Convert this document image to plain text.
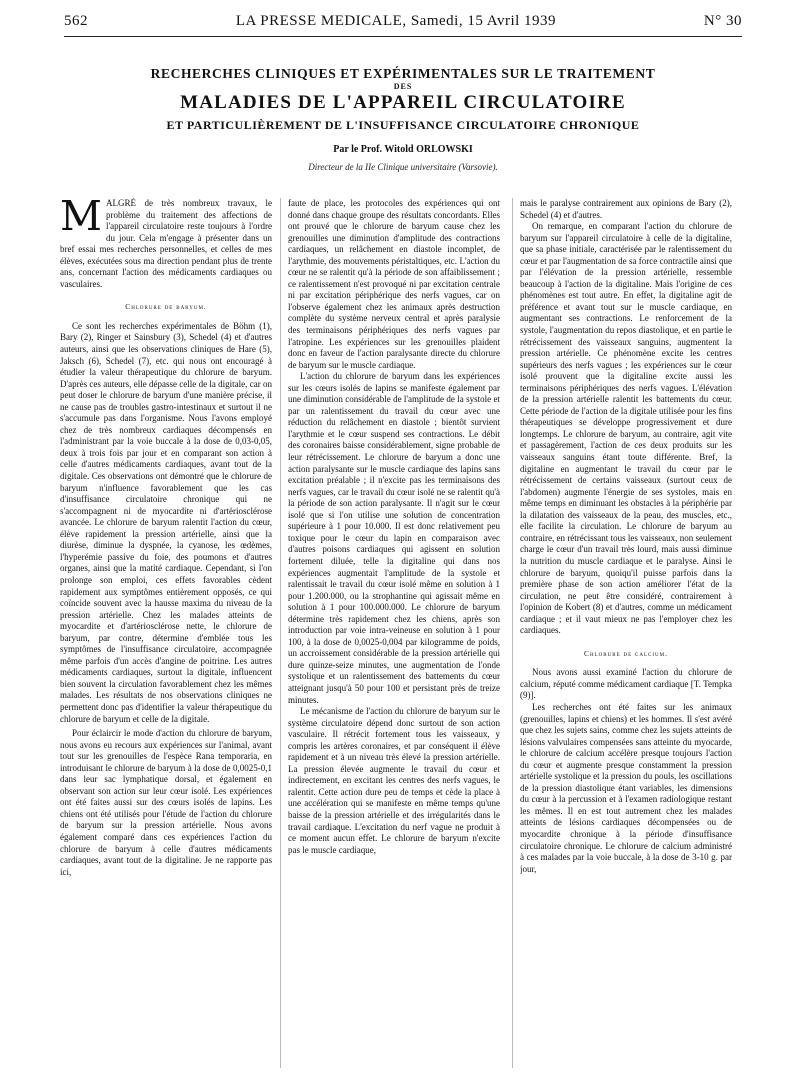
562	LA PRESSE MEDICALE, Samedi, 15 Avril 1939	N° 30
RECHERCHES CLINIQUES ET EXPÉRIMENTALES SUR LE TRAITEMENT
DES
MALADIES DE L'APPAREIL CIRCULATOIRE
ET PARTICULIÈREMENT DE L'INSUFFISANCE CIRCULATOIRE CHRONIQUE
Par le Prof. Witold ORLOWSKI
Directeur de la IIe Clinique universitaire (Varsovie).

MALGRÉ de très nombreux travaux, le problème du traitement des affections de l'appareil circulatoire reste toujours à l'ordre du jour. Cela m'engage à présenter dans un bref essai mes recherches personnelles, et celles de mes élèves, exécutées sous ma direction pendant plus de trente ans, concernant l'action des médicaments cardiaques ou vasculaires.

Chlorure de baryum.

Ce sont les recherches expérimentales de Böhm (1), Bary (2), Ringer et Sainsbury (3), Schedel (4) et d'autres auteurs, ainsi que les observations cliniques de Hare (5), Jaksch (6), Schedel (7), etc. qui nous ont encouragé à étudier la valeur thérapeutique du chlorure de baryum. D'après ces auteurs, elle dépasse celle de la digitale, car on peut doser le chlorure de baryum d'une manière précise, il ne cause pas de troubles gastro-intestinaux et surtout il ne s'accumule pas dans l'organisme. Nous l'avons employé chez de très nombreux cardiaques décompensés en l'administrant par la voie buccale à la dose de 0,03-0,05, deux à trois fois par jour et en comparant son action à celle d'autres médicaments cardiaques, avant tout de la digitale. Ces observations ont démontré que le chlorure de baryum n'influence favorablement que les cas d'insuffisance circulatoire chronique qui ne s'accompagnent ni de myocardite ni d'artériosclérose avancée. Le chlorure de baryum ralentit l'action du cœur, élève rapidement la pression artérielle, ainsi que la diurèse, diminue la dyspnée, la cyanose, les œdèmes, l'hyperémie passive du foie, des poumons et d'autres organes, ainsi que la matité cardiaque. Cependant, si l'on prolonge son emploi, ces effets favorables cèdent rapidement aux symptômes entièrement opposés, ce qui coïncide souvent avec la hausse maxima du niveau de la pression artérielle. Chez les malades atteints de myocardite et d'artériosclérose nette, le chlorure de baryum, par contre, détermine d'emblée tous les symptômes de l'insuffisance circulatoire, accompagnée même parfois d'un accès d'angine de poitrine. Les autres médicaments cardiaques, surtout la digitale, influencent bien souvent la circulation favorablement chez les mêmes malades. Les résultats de nos observations cliniques ne permettent donc pas d'identifier la valeur thérapeutique du chlorure de baryum et celle de la digitale.

Pour éclaircir le mode d'action du chlorure de baryum, nous avons eu recours aux expériences sur l'animal, avant tout sur les grenouilles de l'espèce Rana temporaria, en introduisant le chlorure de baryum à la dose de 0,0025-0,1 dans leur sac lymphatique dorsal, et également en observant son action sur leur cœur isolé. Les expériences ont été faites aussi sur des cœurs isolés de lapins. Les chiens ont été utilisés pour l'étude de l'action du chlorure de baryum sur la pression artérielle. Nous avons également comparé dans ces expériences l'action du chlorure de baryum à celle d'autres médicaments cardiaques, avant tout de la digitaline. Je ne rapporte pas ici,

faute de place, les protocoles des expériences qui ont donné dans chaque groupe des résultats concordants. Elles ont prouvé que le chlorure de baryum cause chez les grenouilles une diminution d'amplitude des contractions cardiaques, un relâchement en diastole incomplet, de l'arythmie, des mouvements péristaltiques, etc. L'action du cœur ne se ralentit qu'à la période de son affaiblissement ; ce ralentissement n'est provoqué ni par excitation centrale ni par excitation périphérique des nerfs vagues, car on l'observe également chez les animaux après destruction complète du système nerveux central et après paralysie des terminaisons périphériques des nerfs vagues par l'atropine. Les expériences sur les grenouilles plaident donc en faveur de l'action paralysante directe du chlorure de baryum sur le muscle cardiaque.

L'action du chlorure de baryum dans les expériences sur les cœurs isolés de lapins se manifeste également par une diminution considérable de l'amplitude de la systole et par un ralentissement du travail du cœur avec une réduction du relâchement en diastole ; bientôt survient l'arythmie et le cœur suspend ses contractions. Le débit des coronaires baisse considérablement, signe probable de leur rétrécissement. Le chlorure de baryum a donc une action paralysante sur le muscle cardiaque des lapins sans excitation préalable ; il n'excite pas les terminaisons des nerfs vagues, car le travail du cœur isolé ne se ralentit qu'à la période de son action paralysante. Il n'agit sur le cœur isolé que si l'on utilise une solution de concentration supérieure à 1 pour 10.000. Il est donc relativement peu toxique pour le cœur du lapin en comparaison avec d'autres poisons cardiaques qui agissent en solution fortement diluée, telle la digitaline qui dans nos expériences augmentait l'amplitude de la systole et ralentissait le travail du cœur isolé même en solution à 1 pour 1.200.000, ou la strophantine qui agissait même en solution à 1 pour 100.000.000. Le chlorure de baryum détermine très rapidement chez les chiens, après son introduction par voie intra-veineuse en solution à 1 pour 100, à la dose de 0,0025-0,004 par kilogramme de poids, un accroissement considérable de la pression artérielle qui dure quinze-seize minutes, une augmentation de l'onde systolique et un ralentissement des battements du cœur atteignant jusqu'à 50 pour 100 et persistant près de treize minutes.

Le mécanisme de l'action du chlorure de baryum sur le système circulatoire dépend donc surtout de son action vasculaire. Il rétrécit fortement tous les vaisseaux, y compris les artères coronaires, et par conséquent il élève rapidement et à un niveau très élevé la pression artérielle. La pression élevée augmente le travail du cœur et indirectement, en excitant les centres des nerfs vagues, le ralentit. Cette action dure peu de temps et cède la place à une accélération qui se manifeste en même temps qu'une baisse de la pression artérielle et des irrégularités dans le travail cardiaque. L'excitation du nerf vague ne produit à ce moment aucun effet. Le chlorure de baryum n'excite pas le muscle cardiaque,

mais le paralyse contrairement aux opinions de Bary (2), Schedel (4) et d'autres.

On remarque, en comparant l'action du chlorure de baryum sur l'appareil circulatoire à celle de la digitaline, que sa phase initiale, caractérisée par le ralentissement du cœur et par l'augmentation de sa force contractile ainsi que par l'élévation de la pression artérielle, ressemble beaucoup à l'action de la digitaline. Mais l'origine de ces phénomènes est tout autre. En effet, la digitaline agit de préférence et avant tout sur le muscle cardiaque, en augmentant ses contractions. Le renforcement de la systole, l'augmentation du repos diastolique, et en partie le rétrécissement des vaisseaux sanguins, augmentent la pression artérielle. Ce phénomène excite les centres supérieurs des nerfs vagues ; les expériences sur le cœur isolé prouvent que la digitaline excite aussi les terminaisons périphériques des nerfs vagues. L'élévation de la pression artérielle ralentit les battements du cœur. Cette période de l'action de la digitale utilisée pour les fins thérapeutiques se développe progressivement et dure longtemps. Le chlorure de baryum, au contraire, agit vite et passagèrement, l'action de ces deux produits sur les vaisseaux sanguins étant toute différente. Bref, la digitaline en augmentant le travail du cœur par le rétrécissement de certains vaisseaux (surtout ceux de l'abdomen) augmente l'énergie de ses systoles, mais en même temps en diminuant les obstacles à la périphérie par la dilatation des vaisseaux de la peau, des muscles, etc., elle facilite la circulation. Le chlorure de baryum au contraire, en rétrécissant tous les vaisseaux, non seulement charge le cœur d'un travail très lourd, mais aussi diminue la nutrition du muscle cardiaque et le paralyse. Ainsi le chlorure de baryum, quoiqu'il puisse parfois dans la première phase de son action améliorer l'état de la circulation, ne peut être considéré, contrairement à l'opinion de Kobert (8) et d'autres, comme un médicament cardiaque ; et il vaut mieux ne pas l'employer chez les cardiaques.

Chlorure de calcium.

Nous avons aussi examiné l'action du chlorure de calcium, réputé comme médicament cardiaque [T. Tempka (9)].

Les recherches ont été faites sur les animaux (grenouilles, lapins et chiens) et les hommes. Il s'est avéré que chez les sujets sains, comme chez les sujets atteints de lésions valvulaires compensées sans atteinte du myocarde, le chlorure de calcium accélère presque toujours l'action du cœur et augmente presque constamment la pression artérielle systolique et la pression du pouls, les oscillations de la pression diastolique étant variables, les dimensions du cœur à la percussion et à l'examen radiologique restant les mêmes. Il en est tout autrement chez les malades atteints de lésions cardiaques décompensées ou de myocardite chronique à la période d'insuffisance circulatoire chronique. Le chlorure de calcium administré à ces malades par la voie buccale, à la dose de 3-10 g. par jour,
